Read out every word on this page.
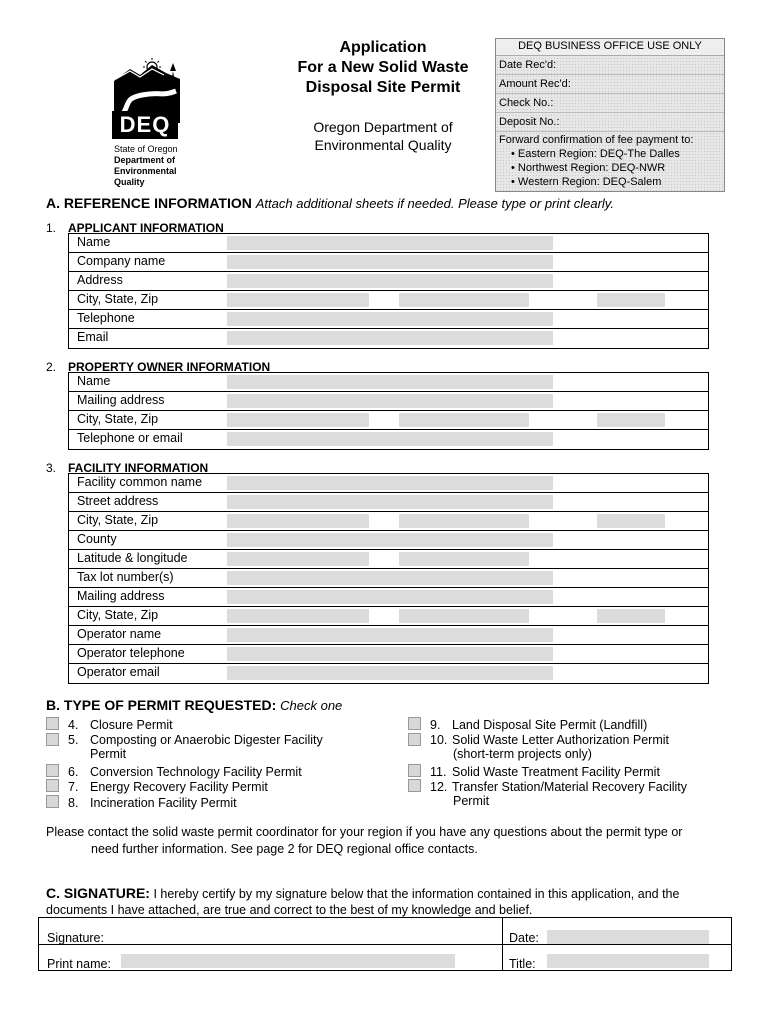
DEQ
State of Oregon
Department of
Environmental
Quality
Application
For a New Solid Waste
Disposal Site Permit
Oregon Department of
Environmental Quality
DEQ BUSINESS OFFICE USE ONLY
Date Rec'd:
Amount Rec'd:
Check No.:
Deposit No.:
Forward confirmation of fee payment to:
• Eastern Region: DEQ-The Dalles
• Northwest Region: DEQ-NWR
• Western Region: DEQ-Salem
A. REFERENCE INFORMATION Attach additional sheets if needed. Please type or print clearly.
1. APPLICANT INFORMATION
Name
Company name
Address
City, State, Zip
Telephone
Email
2. PROPERTY OWNER INFORMATION
Name
Mailing address
City, State, Zip
Telephone or email
3. FACILITY INFORMATION
Facility common name
Street address
City, State, Zip
County
Latitude & longitude
Tax lot number(s)
Mailing address
City, State, Zip
Operator name
Operator telephone
Operator email
B. TYPE OF PERMIT REQUESTED: Check one
4. Closure Permit
5. Composting or Anaerobic Digester Facility
Permit
6. Conversion Technology Facility Permit
7. Energy Recovery Facility Permit
8. Incineration Facility Permit
9. Land Disposal Site Permit (Landfill)
10. Solid Waste Letter Authorization Permit
(short-term projects only)
11. Solid Waste Treatment Facility Permit
12. Transfer Station/Material Recovery Facility
Permit
Please contact the solid waste permit coordinator for your region if you have any questions about the permit type or
need further information. See page 2 for DEQ regional office contacts.
C. SIGNATURE: I hereby certify by my signature below that the information contained in this application, and the
documents I have attached, are true and correct to the best of my knowledge and belief.
Signature:	Date:
Print name:	Title:
